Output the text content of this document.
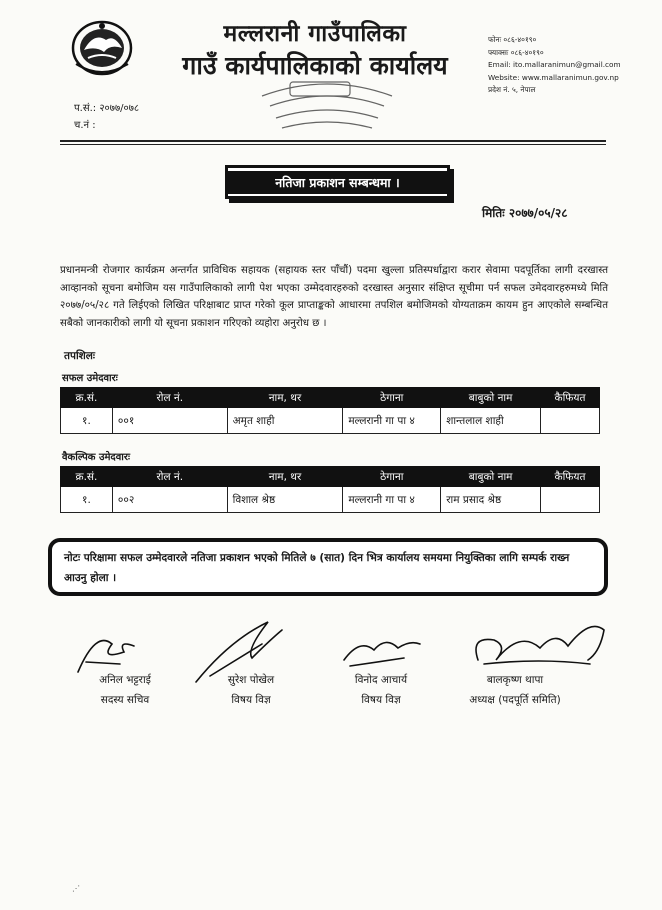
मल्लरानी गाउँपालिका
गाउँ कार्यपालिकाको कार्यालय
फोनः ०८६-४०१९०
फ्याक्सः ०८६-४०१९०
Email: ito.mallaranimun@gmail.com
Website: www.mallaranimun.gov.np
प्रदेश नं. ५, नेपाल
प.सं.: २०७७/०७८
च.नं :
नतिजा प्रकाशन सम्बन्धमा ।
मितिः २०७७/०५/२८

प्रधानमन्त्री रोजगार कार्यक्रम अन्तर्गत प्राविधिक सहायक (सहायक स्तर पाँचौं) पदमा खुल्ला प्रतिस्पर्धाद्वारा करार सेवामा पदपूर्तिका लागी दरखास्त आव्हानको सूचना बमोजिम यस गाउँपालिकाको लागी पेश भएका उम्मेदवारहरुको दरखास्त अनुसार संक्षिप्त सूचीमा पर्न सफल उमेदवारहरुमध्ये मिति २०७७/०५/२८ गते लिईएको लिखित परिक्षाबाट प्राप्त गरेको कूल प्राप्ताङ्कको आधारमा तपशिल बमोजिमको योग्यताक्रम कायम हुन आएकोले सम्बन्धित सबैको जानकारीको लागी यो सूचना प्रकाशन गरिएको व्यहोरा अनुरोध छ ।

तपशिलः
सफल उमेदवारः
क्र.सं.	रोल नं.	नाम, थर	ठेगाना	बाबुको नाम	कैफियत
१.	००१	अमृत शाही	मल्लरानी गा पा ४	शान्तलाल शाही	
वैकल्पिक उमेदवारः
क्र.सं.	रोल नं.	नाम, थर	ठेगाना	बाबुको नाम	कैफियत
१.	००२	विशाल श्रेष्ठ	मल्लरानी गा पा ४	राम प्रसाद श्रेष्ठ	
नोटः परिक्षामा सफल उम्मेदवारले नतिजा प्रकाशन भएको मितिले ७ (सात) दिन भित्र कार्यालय समयमा नियुक्तिका लागि सम्पर्क राख्न आउनु होला ।
अनिल भट्टराई
सदस्य सचिव
सुरेश पोखेल
विषय विज्ञ
विनोद आचार्य
विषय विज्ञ
बालकृष्ण थापा
अध्यक्ष (पदपूर्ति समिति)
⋰
